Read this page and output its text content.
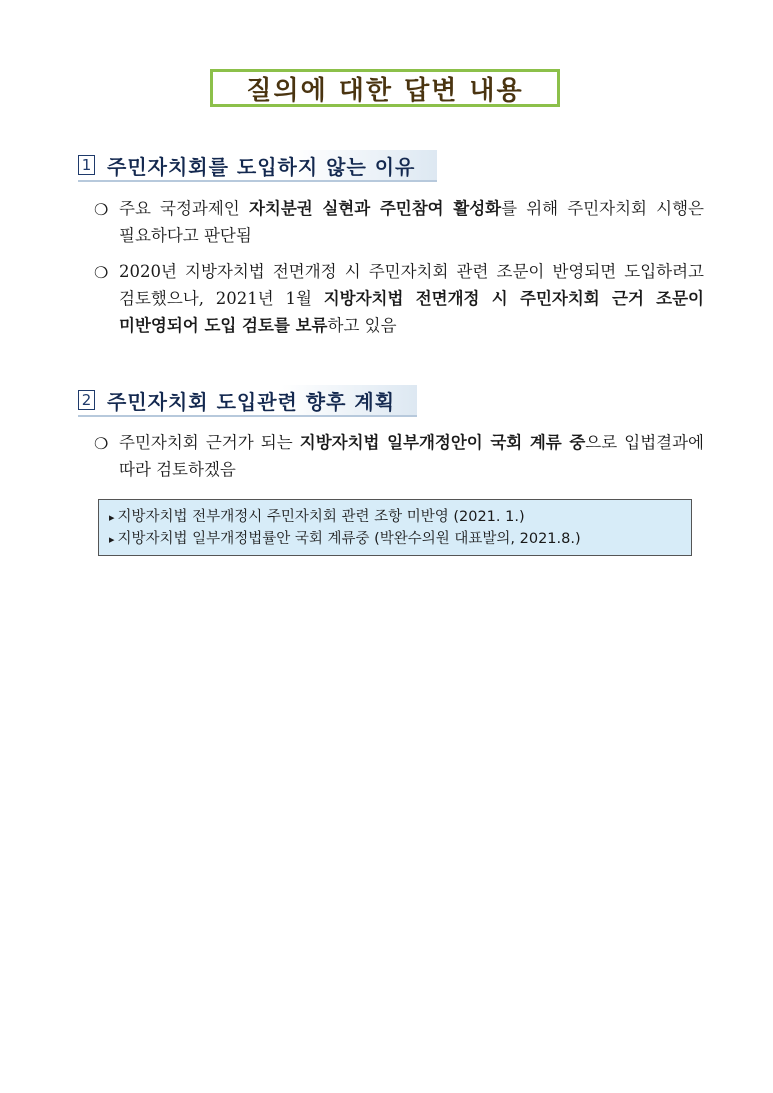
질의에 대한 답변 내용
1 주민자치회를 도입하지 않는 이유
❍ 주요 국정과제인 자치분권 실현과 주민참여 활성화를 위해 주민자치회 시행은 필요하다고 판단됨
❍ 2020년 지방자치법 전면개정 시 주민자치회 관련 조문이 반영되면 도입하려고 검토했으나, 2021년 1월 지방자치법 전면개정 시 주민자치회 근거 조문이 미반영되어 도입 검토를 보류하고 있음
2 주민자치회 도입관련 향후 계획
❍ 주민자치회 근거가 되는 지방자치법 일부개정안이 국회 계류 중으로 입법결과에 따라 검토하겠음
▸ 지방자치법 전부개정시 주민자치회 관련 조항 미반영 (2021. 1.)
▸ 지방자치법 일부개정법률안 국회 계류중 (박완수의원 대표발의, 2021.8.)
